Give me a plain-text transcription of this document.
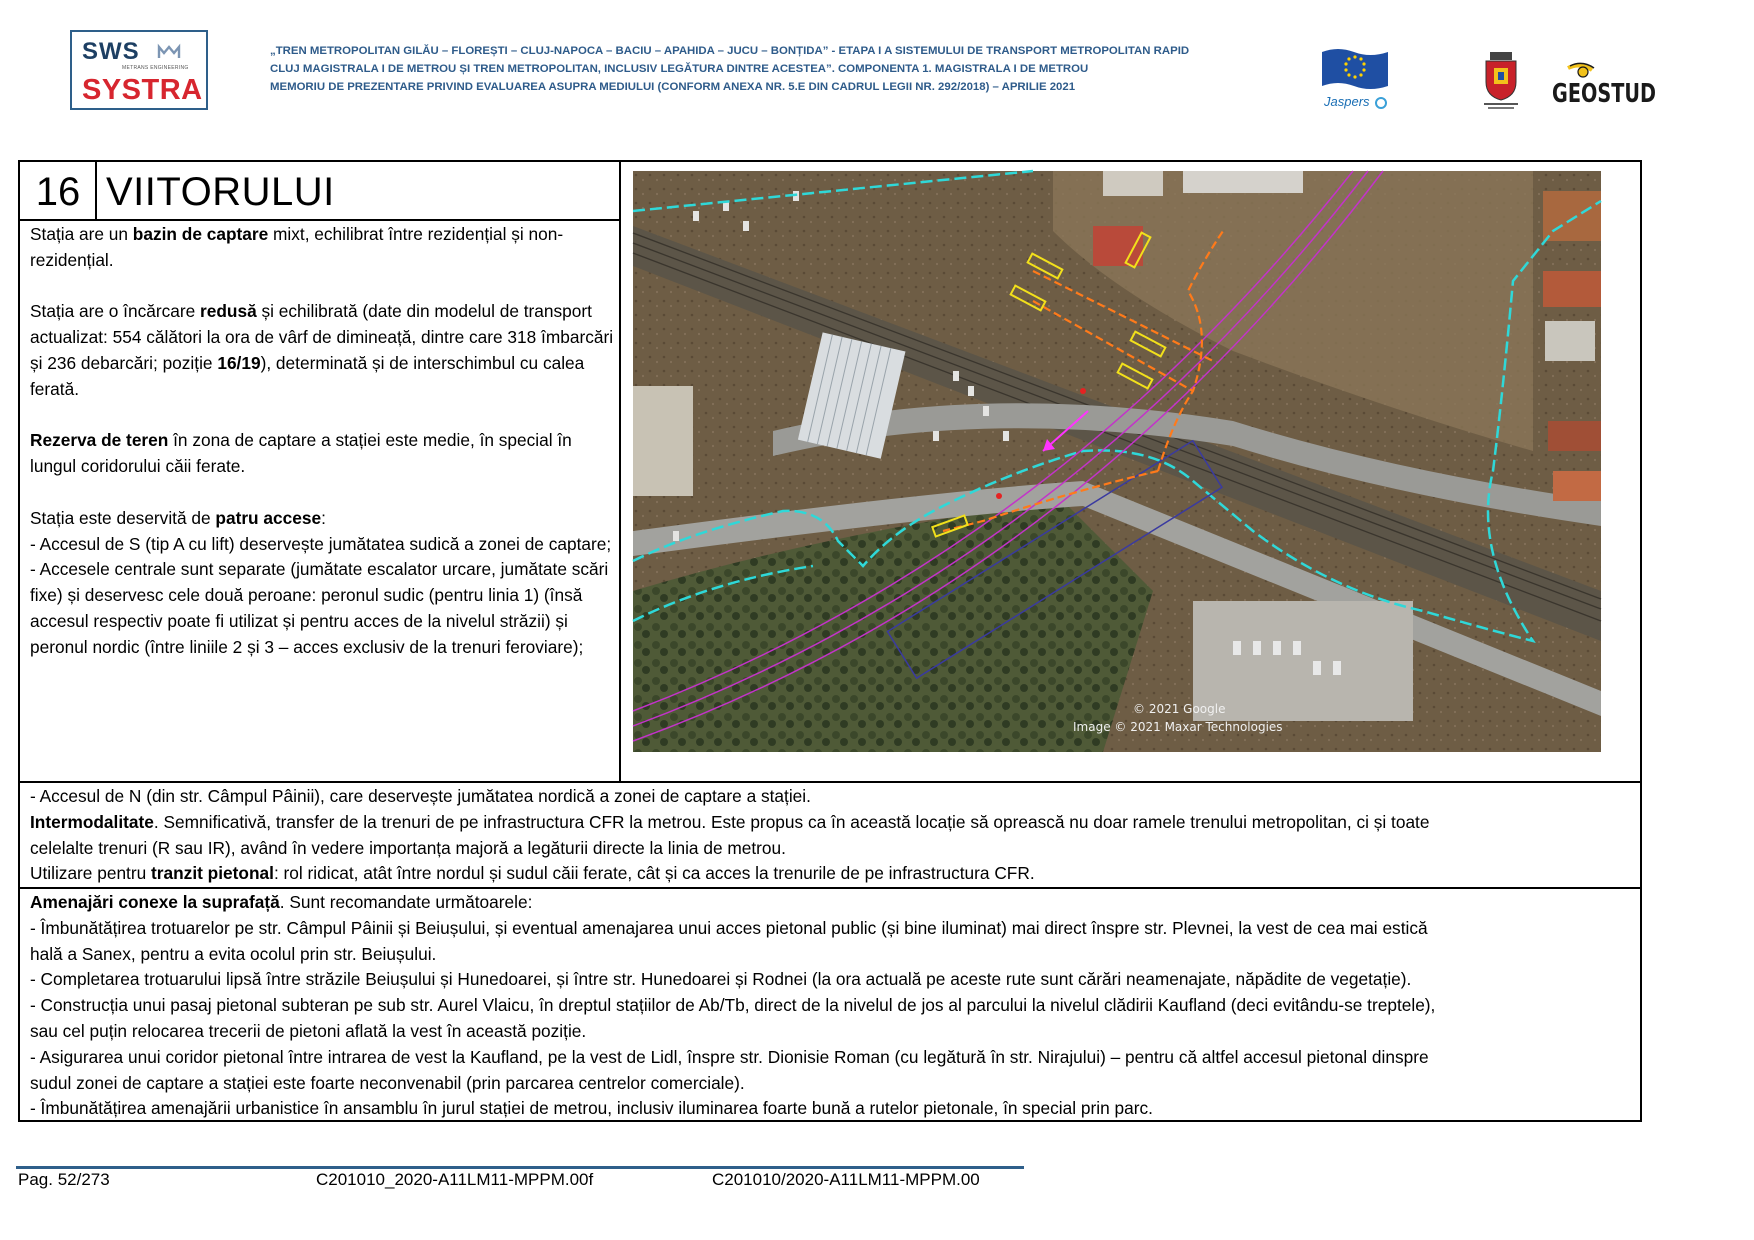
SWS
METRANS ENGINEERING
SYSTRA
„TREN METROPOLITAN GILĂU – FLOREȘTI – CLUJ-NAPOCA – BACIU – APAHIDA – JUCU – BONȚIDA” - ETAPA I A SISTEMULUI DE TRANSPORT METROPOLITAN RAPID
CLUJ MAGISTRALA I DE METROU ȘI TREN METROPOLITAN, INCLUSIV LEGĂTURA DINTRE ACESTEA”. COMPONENTA 1. MAGISTRALA I DE METROU
MEMORIU DE PREZENTARE PRIVIND EVALUAREA ASUPRA MEDIULUI (CONFORM ANEXA NR. 5.E DIN CADRUL LEGII NR. 292/2018) – APRILIE 2021
Jaspers	GEOSTUD
16 VIITORULUI

Stația are un bazin de captare mixt, echilibrat între rezidențial și non-rezidențial.

Stația are o încărcare redusă și echilibrată (date din modelul de transport actualizat: 554 călători la ora de vârf de dimineață, dintre care 318 îmbarcări și 236 debarcări; poziție 16/19), determinată și de interschimbul cu calea ferată.

Rezerva de teren în zona de captare a stației este medie, în special în lungul coridorului căii ferate.

Stația este deservită de patru accese:

- Accesul de S (tip A cu lift) deservește jumătatea sudică a zonei de captare;

- Accesele centrale sunt separate (jumătate escalator urcare, jumătate scări fixe) și deservesc cele două peroane: peronul sudic (pentru linia 1) (însă accesul respectiv poate fi utilizat și pentru acces de la nivelul străzii) și peronul nordic (între liniile 2 și 3 – acces exclusiv de la trenuri feroviare);

© 2021 Google
Image © 2021 Maxar Technologies

- Accesul de N (din str. Câmpul Pâinii), care deservește jumătatea nordică a zonei de captare a stației.

Intermodalitate. Semnificativă, transfer de la trenuri de pe infrastructura CFR la metrou. Este propus ca în această locație să oprească nu doar ramele trenului metropolitan, ci și toate

celelalte trenuri (R sau IR), având în vedere importanța majoră a legăturii directe la linia de metrou.

Utilizare pentru tranzit pietonal: rol ridicat, atât între nordul și sudul căii ferate, cât și ca acces la trenurile de pe infrastructura CFR.

Amenajări conexe la suprafață. Sunt recomandate următoarele:

- Îmbunătățirea trotuarelor pe str. Câmpul Pâinii și Beiușului, și eventual amenajarea unui acces pietonal public (și bine iluminat) mai direct înspre str. Plevnei, la vest de cea mai estică

hală a Sanex, pentru a evita ocolul prin str. Beiușului.

- Completarea trotuarului lipsă între străzile Beiușului și Hunedoarei, și între str. Hunedoarei și Rodnei (la ora actuală pe aceste rute sunt cărări neamenajate, năpădite de vegetație).

- Construcția unui pasaj pietonal subteran pe sub str. Aurel Vlaicu, în dreptul stațiilor de Ab/Tb, direct de la nivelul de jos al parcului la nivelul clădirii Kaufland (deci evitându-se treptele),

sau cel puțin relocarea trecerii de pietoni aflată la vest în această poziție.

- Asigurarea unui coridor pietonal între intrarea de vest la Kaufland, pe la vest de Lidl, înspre str. Dionisie Roman (cu legătură în str. Nirajului) – pentru că altfel accesul pietonal dinspre

sudul zonei de captare a stației este foarte neconvenabil (prin parcarea centrelor comerciale).

- Îmbunătățirea amenajării urbanistice în ansamblu în jurul stației de metrou, inclusiv iluminarea foarte bună a rutelor pietonale, în special prin parc.

Pag. 52/273	C201010_2020-A11LM11-MPPM.00f	C201010/2020-A11LM11-MPPM.00
